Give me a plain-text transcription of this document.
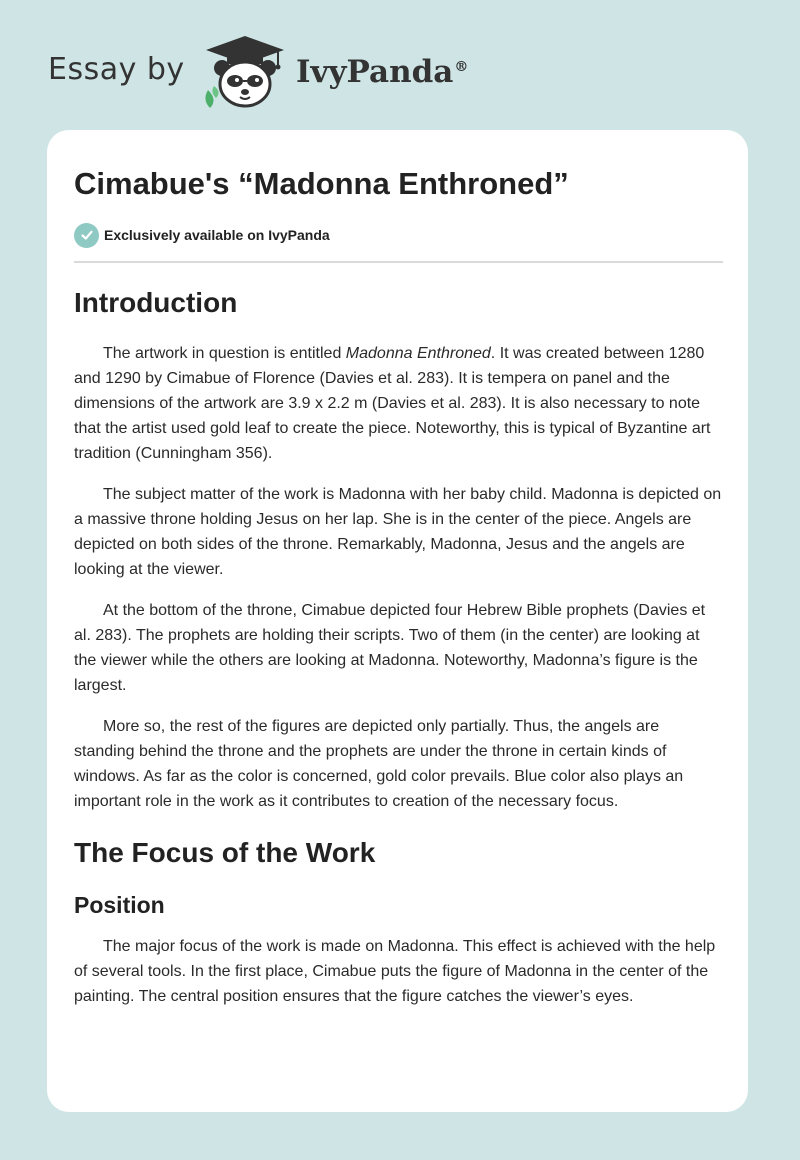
Essay by	IvyPanda®
Cimabue's “Madonna Enthroned”
Exclusively available on IvyPanda
Introduction

The artwork in question is entitled Madonna Enthroned. It was created between 1280 and 1290 by Cimabue of Florence (Davies et al. 283). It is tempera on panel and the dimensions of the artwork are 3.9 x 2.2 m (Davies et al. 283). It is also necessary to note that the artist used gold leaf to create the piece. Noteworthy, this is typical of Byzantine art tradition (Cunningham 356).

The subject matter of the work is Madonna with her baby child. Madonna is depicted on a massive throne holding Jesus on her lap. She is in the center of the piece. Angels are depicted on both sides of the throne. Remarkably, Madonna, Jesus and the angels are looking at the viewer.

At the bottom of the throne, Cimabue depicted four Hebrew Bible prophets (Davies et al. 283). The prophets are holding their scripts. Two of them (in the center) are looking at the viewer while the others are looking at Madonna. Noteworthy, Madonna’s figure is the largest.

More so, the rest of the figures are depicted only partially. Thus, the angels are standing behind the throne and the prophets are under the throne in certain kinds of windows. As far as the color is concerned, gold color prevails. Blue color also plays an important role in the work as it contributes to creation of the necessary focus.

The Focus of the Work
Position

The major focus of the work is made on Madonna. This effect is achieved with the help of several tools. In the first place, Cimabue puts the figure of Madonna in the center of the painting. The central position ensures that the figure catches the viewer’s eyes.
